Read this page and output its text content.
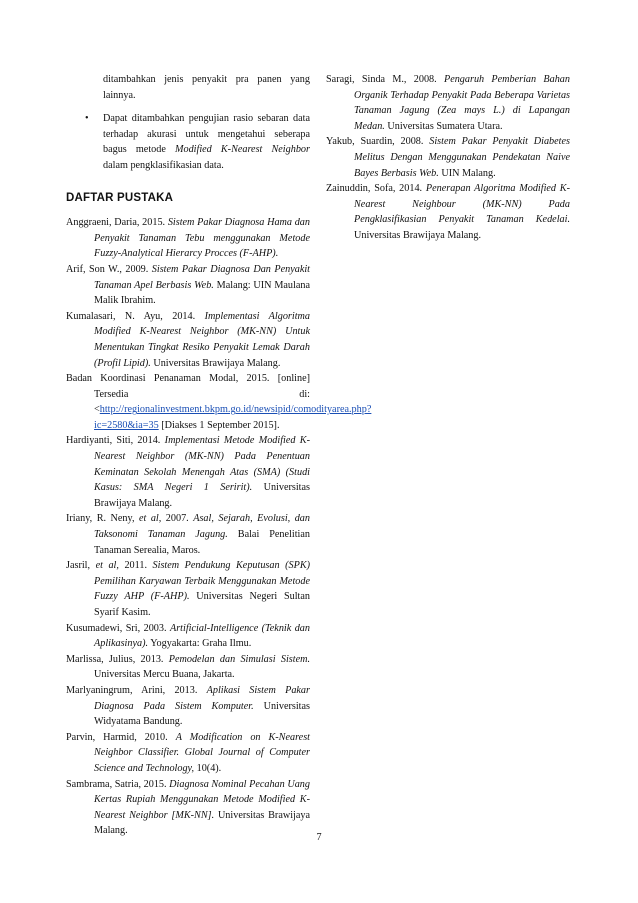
ditambahkan jenis penyakit pra panen yang lainnya.
• Dapat ditambahkan pengujian rasio sebaran data terhadap akurasi untuk mengetahui seberapa bagus metode Modified K-Nearest Neighbor dalam pengklasifikasian data.
DAFTAR PUSTAKA

Anggraeni, Daria, 2015. Sistem Pakar Diagnosa Hama dan Penyakit Tanaman Tebu menggunakan Metode Fuzzy-Analytical Hierarcy Procces (F-AHP).

Arif, Son W., 2009. Sistem Pakar Diagnosa Dan Penyakit Tanaman Apel Berbasis Web. Malang: UIN Maulana Malik Ibrahim.

Kumalasari, N. Ayu, 2014. Implementasi Algoritma Modified K-Nearest Neighbor (MK-NN) Untuk Menentukan Tingkat Resiko Penyakit Lemak Darah (Profil Lipid). Universitas Brawijaya Malang.

Badan Koordinasi Penanaman Modal, 2015. [online] Tersedia di: <http://regionalinvestment.bkpm.go.id/newsipid/comodityarea.php?ic=2580&ia=35 [Diakses 1 September 2015].

Hardiyanti, Siti, 2014. Implementasi Metode Modified K-Nearest Neighbor (MK-NN) Pada Penentuan Keminatan Sekolah Menengah Atas (SMA) (Studi Kasus: SMA Negeri 1 Seririt). Universitas Brawijaya Malang.

Iriany, R. Neny, et al, 2007. Asal, Sejarah, Evolusi, dan Taksonomi Tanaman Jagung. Balai Penelitian Tanaman Serealia, Maros.

Jasril, et al, 2011. Sistem Pendukung Keputusan (SPK) Pemilihan Karyawan Terbaik Menggunakan Metode Fuzzy AHP (F-AHP). Universitas Negeri Sultan Syarif Kasim.

Kusumadewi, Sri, 2003. Artificial-Intelligence (Teknik dan Aplikasinya). Yogyakarta: Graha Ilmu.

Marlissa, Julius, 2013. Pemodelan dan Simulasi Sistem. Universitas Mercu Buana, Jakarta.

Marlyaningrum, Arini, 2013. Aplikasi Sistem Pakar Diagnosa Pada Sistem Komputer. Universitas Widyatama Bandung.

Parvin, Harmid, 2010. A Modification on K-Nearest Neighbor Classifier. Global Journal of Computer Science and Technology, 10(4).

Sambrama, Satria, 2015. Diagnosa Nominal Pecahan Uang Kertas Rupiah Menggunakan Metode Modified K-Nearest Neighbor [MK-NN]. Universitas Brawijaya Malang.

Saragi, Sinda M., 2008. Pengaruh Pemberian Bahan Organik Terhadap Penyakit Pada Beberapa Varietas Tanaman Jagung (Zea mays L.) di Lapangan Medan. Universitas Sumatera Utara.

Yakub, Suardin, 2008. Sistem Pakar Penyakit Diabetes Melitus Dengan Menggunakan Pendekatan Naive Bayes Berbasis Web. UIN Malang.

Zainuddin, Sofa, 2014. Penerapan Algoritma Modified K-Nearest Neighbour (MK-NN) Pada Pengklasifikasian Penyakit Tanaman Kedelai. Universitas Brawijaya Malang.

7
